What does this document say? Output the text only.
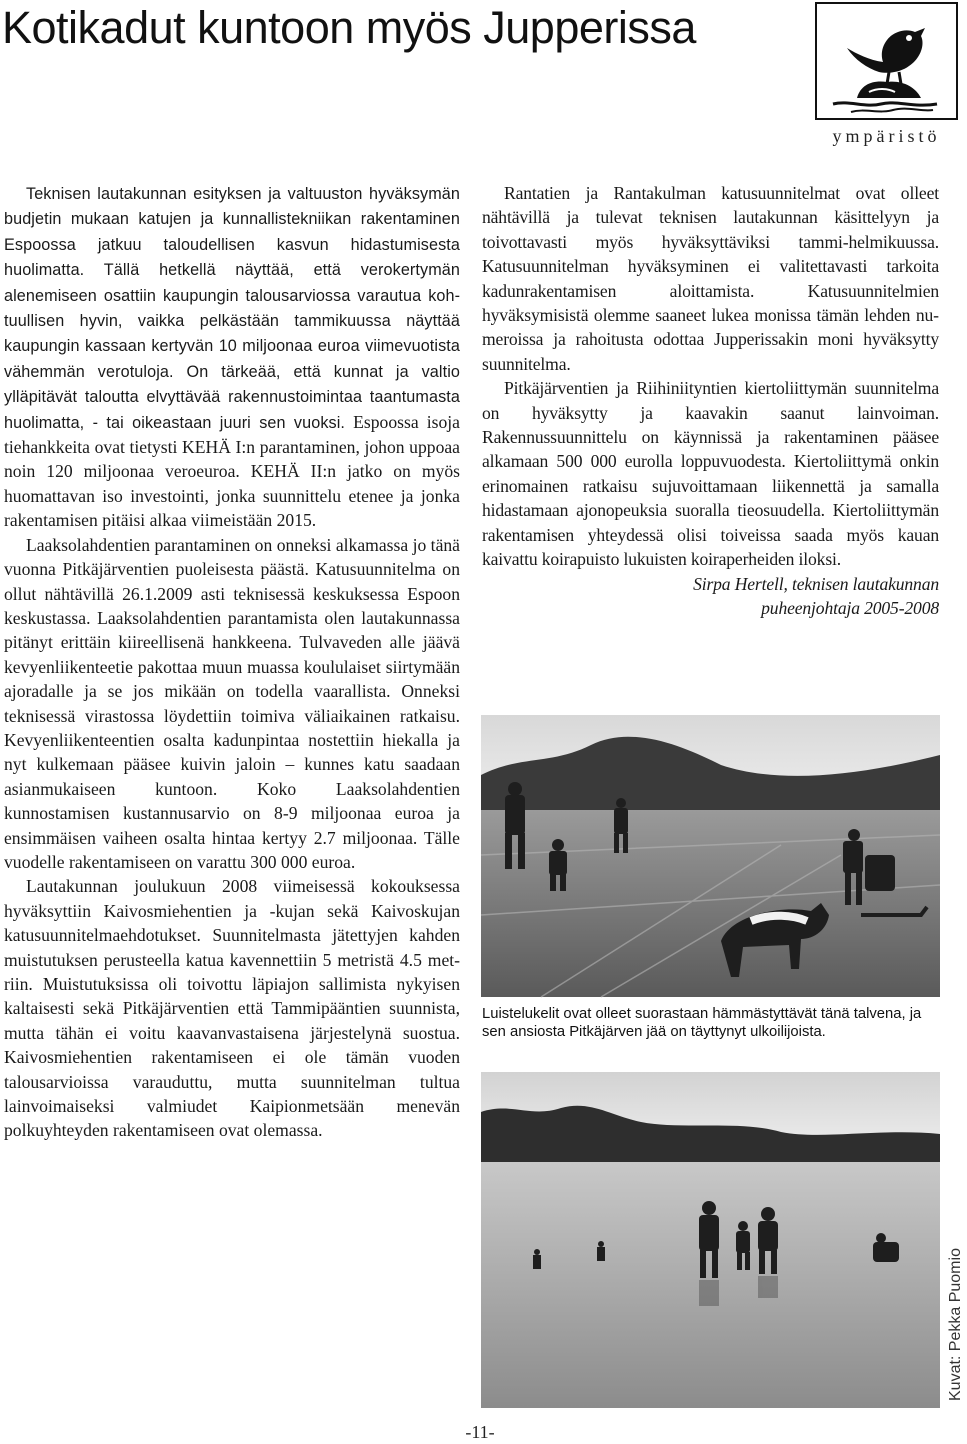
Kotikadut kuntoon myös Jupperissa
ympäristö

Teknisen lautakunnan esityksen ja valtuuston hyväksymän budjetin mukaan katujen ja kunnallistekniikan rakentaminen Espoossa jatkuu taloudellisen kasvun hidastumisesta huolimatta. Tällä hetkellä näyttää, että verokertymän alenemiseen osattiin kaupungin talousarviossa varautua kohtuullisen hyvin, vaikka pelkästään tammikuussa näyttää kaupungin kassaan kertyvän 10 miljoonaa euroa viimevuotista vähemmän verotuloja. On tärkeää, että kunnat ja valtio ylläpitävät taloutta elvyttävää rakennustoimintaa taantumasta huolimatta, - tai oikeastaan juuri sen vuoksi. Espoossa isoja tiehankkeita ovat tietysti KEHÄ I:n parantaminen, johon uppoaa noin 120 miljoonaa veroeuroa. KEHÄ II:n jatko on myös huomattavan iso investointi, jonka suunnittelu etenee ja jonka rakentamisen pitäisi alkaa viimeistään 2015.

Laaksolahdentien parantaminen on onneksi alkamassa jo tänä vuonna Pitkäjärventien puoleisesta päästä. Katusuunnitelma on ollut nähtävillä 26.1.2009 asti teknisessä keskuksessa Espoon keskustassa. Laaksolahdentien parantamista olen lautakunnassa pitänyt erittäin kiireellisenä hankkeena. Tulvaveden alle jäävä kevyenliikenteetie pakottaa muun muassa koululaiset siirtymään ajoradalle ja se jos mikään on todella vaarallista. Onneksi teknisessä virastossa löydettiin toimiva väliaikainen ratkaisu. Kevyenliikenteentien osalta kadunpintaa nostettiin hiekalla ja nyt kulkemaan pääsee kuivin jaloin – kunnes katu saadaan asianmukaiseen kuntoon. Koko Laaksolahdentien kunnostamisen kustannusarvio on 8-9 miljoonaa euroa ja ensimmäisen vaiheen osalta hintaa kertyy 2.7 miljoonaa. Tälle vuodelle rakentamiseen on varattu 300 000 euroa.

Lautakunnan joulukuun 2008 viimeisessä kokouksessa hyväksyttiin Kaivosmiehentien ja -kujan sekä Kaivoskujan katusuunnitelmaehdotukset. Suunnitelmasta jätettyjen kahden muistutuksen perusteella katua kavennettiin 5 metristä 4.5 metriin. Muistutuksissa oli toivottu läpiajon sallimista nykyisen kaltaisesti sekä Pitkäjärventien että Tammipääntien suunnista, mutta tähän ei voitu kaavanvastaisena järjestelynä suostua. Kaivosmiehentien rakentamiseen ei ole tämän vuoden talousarvioissa varauduttu, mutta suunnitelman tultua lainvoimaiseksi valmiudet Kaipionmetsään menevän polkuyhteyden rakentamiseen ovat olemassa.

Rantatien ja Rantakulman katusuunnitelmat ovat olleet nähtävillä ja tulevat teknisen lautakunnan käsittelyyn ja toivottavasti myös hyväksyttäviksi tammi-helmikuussa. Katusuunnitelman hyväksyminen ei valitettavasti tarkoita kadunrakentamisen aloittamista. Katusuunnitelmien hyväksymisistä olemme saaneet lukea monissa tämän lehden numeroissa ja rahoitusta odottaa Jupperissakin moni hyväksytty suunnitelma.

Pitkäjärventien ja Riihiniityntien kiertoliittymän suunnitelma on hyväksytty ja kaavakin saanut lainvoiman. Rakennussuunnittelu on käynnissä ja rakentaminen pääsee alkamaan 500 000 eurolla loppuvuodesta. Kiertoliittymä onkin erinomainen ratkaisu sujuvoittamaan liikennettä ja samalla hidastamaan ajonopeuksia suoralla tieosuudella. Kiertoliittymän rakentamisen yhteydessä olisi toiveissa saada myös kauan kaivattu koirapuisto lukuisten koiraperheiden iloksi.

Sirpa Hertell, teknisen lautakunnan
puheenjohtaja 2005-2008

Luistelukelit ovat olleet suorastaan hämmästyttävät tänä talvena, ja sen ansiosta Pitkäjärven jää on täyttynyt ulkoilijoista.

Kuvat: Pekka Puomio

-11-
